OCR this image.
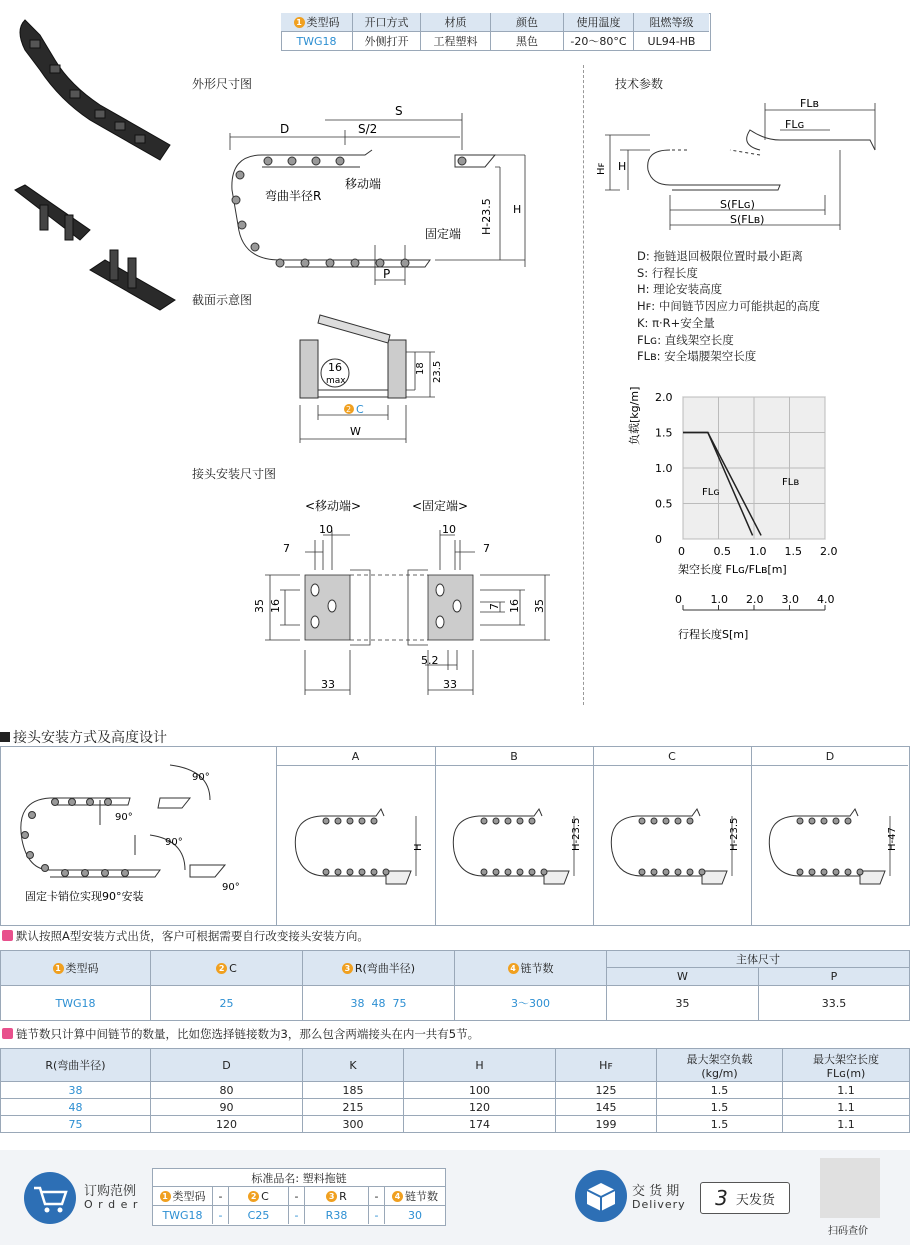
1 类型码	开口方式	材质	颜色	使用温度	阻燃等级
TWG18	外侧打开	工程塑料	黑色	-20～80°C	UL94-HB
外形尺寸图
D	S/2
S
弯曲半径R
移动端
固定端
P
H-23.5 H
截面示意图
16
max
18 23.5
2 C
W
接头安装尺寸图
<移动端>	<固定端>
10
7
10
7
35 16	7 16 35
5.2
33	33
技术参数
FLʙ
FLɢ
Hꜰ H
S(FLɢ)
S(FLʙ)
D: 拖链退回极限位置时最小距离
S: 行程长度
H: 理论安装高度
Hꜰ: 中间链节因应力可能拱起的高度
K: π·R+安全量
FLɢ: 直线架空长度
FLʙ: 安全塌腰架空长度
0
0.5
1.0
1.5
2.0
0	0.5 1.0 1.5 2.0
0	1.0 2.0 3.0 4.0
负载[kg/m]
架空长度 FLɢ/FLʙ[m]
行程长度S[m]
FLɢ
FLʙ
接头安装方式及高度设计
A	B	C	D
90°
90°
90°
90°
固定卡销位实现90°安装
H	H-23.5	H-23.5	H-47
默认按照A型安装方式出货，客户可根据需要自行改变接头安装方向。
1 类型码	2 C	3 R(弯曲半径)	4 链节数
主体尺寸
W	P
TWG18	25	38  48  75	3～300	35	33.5
链节数只计算中间链节的数量，比如您选择链接数为3，那么包含两端接头在内一共有5节。
R(弯曲半径)	D	K	H	Hꜰ	最大架空负载
(kg/m)
最大架空长度
FLɢ(m)
38	80	185	100	125	1.5	1.1
48	90	215	120	145	1.5	1.1
75	120	300	174	199	1.5	1.1
订购范例
O r d e r
标准品名: 塑料拖链
1 类型码	-	2 C	-	3 R	-	4 链节数
TWG18	-	C25	-	R38	-	30
交 货 期
Delivery 3 天发货
扫码查价
